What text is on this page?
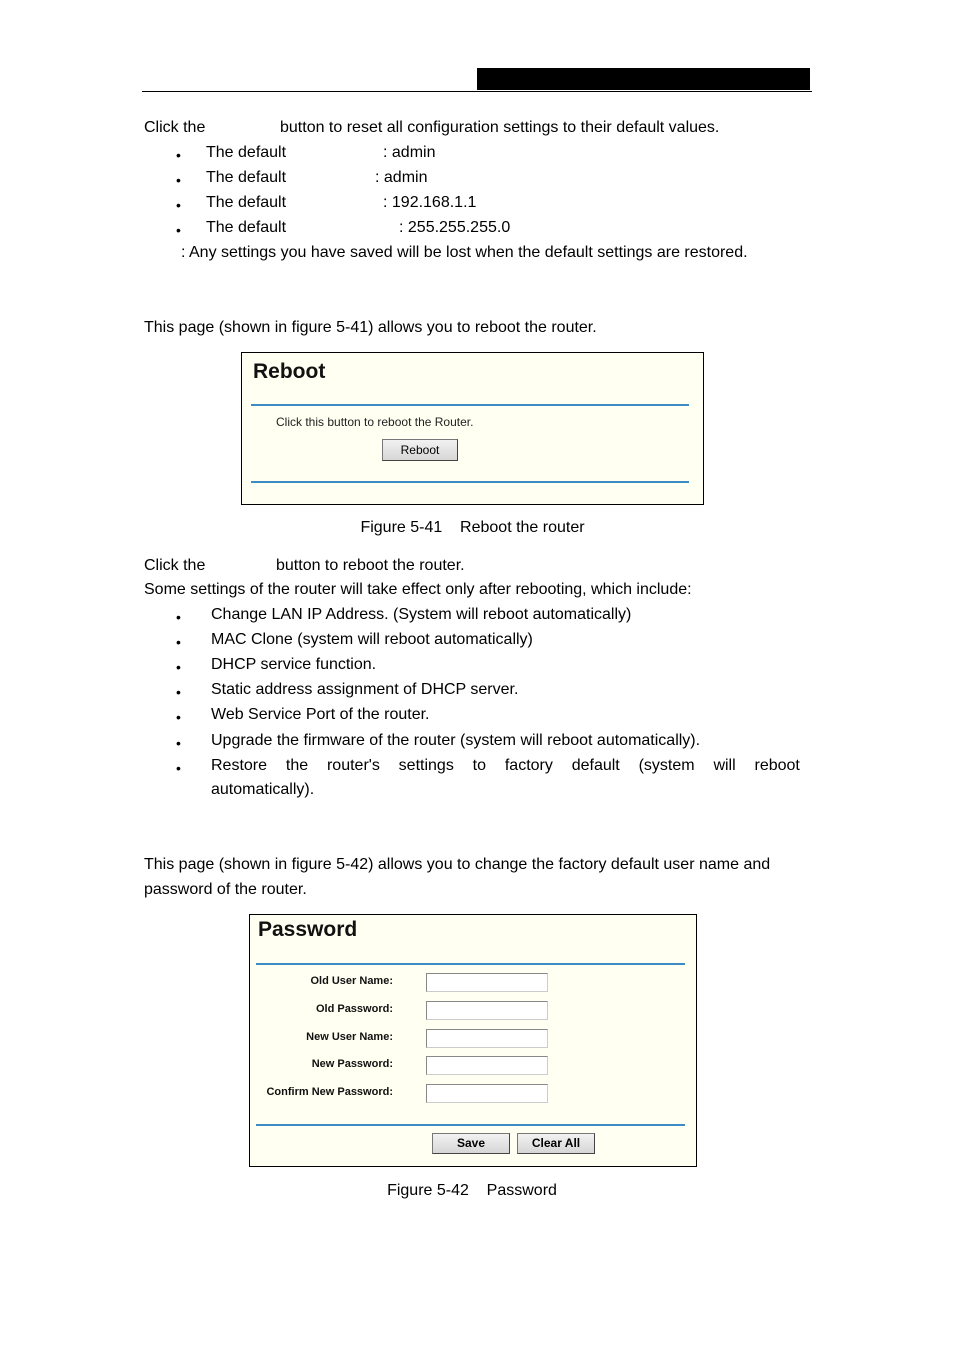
Click the	button to reset all configuration settings to their default values.
• The default	: admin
• The default	: admin
• The default	: 192.168.1.1
• The default	: 255.255.255.0
: Any settings you have saved will be lost when the default settings are restored.
This page (shown in figure 5-41) allows you to reboot the router.
Reboot
Click this button to reboot the Router.
Reboot
Figure 5-41    Reboot the router
Click the	button to reboot the router.
Some settings of the router will take effect only after rebooting, which include:
• Change LAN IP Address. (System will reboot automatically)
• MAC Clone (system will reboot automatically)
• DHCP service function.
• Static address assignment of DHCP server.
• Web Service Port of the router.
• Upgrade the firmware of the router (system will reboot automatically).
• Restore the router's settings to factory default (system will reboot
automatically).
This page (shown in figure 5-42) allows you to change the factory default user name and
password of the router.
Password
Old User Name:
Old Password:
New User Name:
New Password:
Confirm New Password:
Save	Clear All
Figure 5-42    Password
